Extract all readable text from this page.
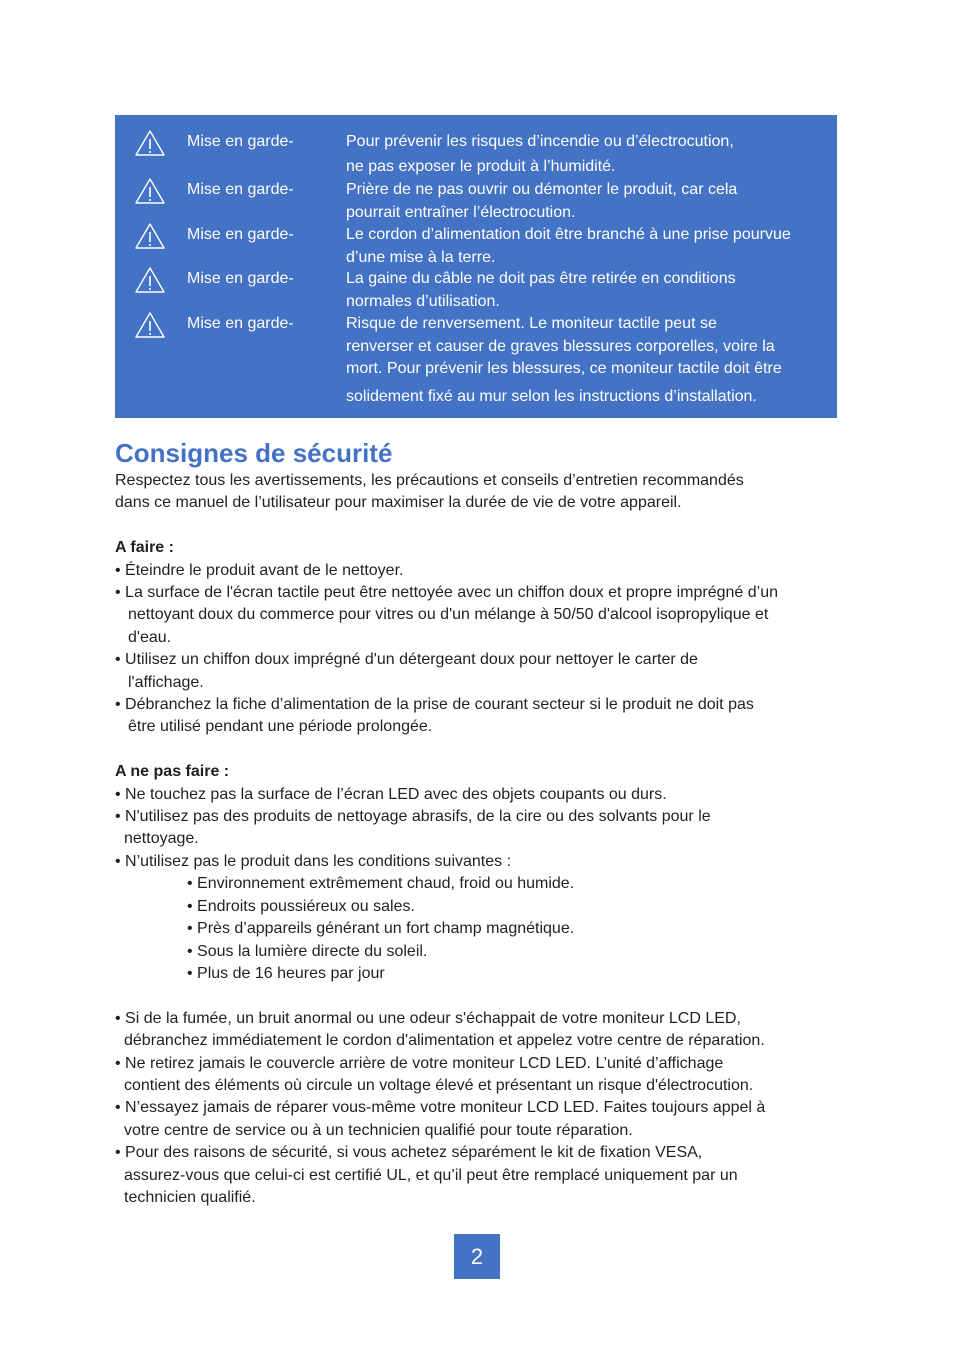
Mise en garde-	Pour prévenir les risques d’incendie ou d’électrocution,
ne pas exposer le produit à l’humidité.
Mise en garde-	Prière de ne pas ouvrir ou démonter le produit, car cela
pourrait entraîner l’électrocution.
Mise en garde-	Le cordon d’alimentation doit être branché à une prise pourvue
d’une mise à la terre.
Mise en garde-	La gaine du câble ne doit pas être retirée en conditions
normales d’utilisation.
Mise en garde-	Risque de renversement. Le moniteur tactile peut se
renverser et causer de graves blessures corporelles, voire la
mort. Pour prévenir les blessures, ce moniteur tactile doit être
solidement fixé au mur selon les instructions d’installation.
Consignes de sécurité
Respectez tous les avertissements, les précautions et conseils d’entretien recommandés
dans ce manuel de l’utilisateur pour maximiser la durée de vie de votre appareil.
A faire :
• Éteindre le produit avant de le nettoyer.
• La surface de l'écran tactile peut être nettoyée avec un chiffon doux et propre imprégné d’un
nettoyant doux du commerce pour vitres ou d'un mélange à 50/50 d'alcool isopropylique et
d'eau.
• Utilisez un chiffon doux imprégné d'un détergeant doux pour nettoyer le carter de
l'affichage.
• Débranchez la fiche d’alimentation de la prise de courant secteur si le produit ne doit pas
être utilisé pendant une période prolongée.
A ne pas faire :
• Ne touchez pas la surface de l’écran LED avec des objets coupants ou durs.
• N'utilisez pas des produits de nettoyage abrasifs, de la cire ou des solvants pour le
nettoyage.
• N’utilisez pas le produit dans les conditions suivantes :
• Environnement extrêmement chaud, froid ou humide.
• Endroits poussiéreux ou sales.
• Près d’appareils générant un fort champ magnétique.
• Sous la lumière directe du soleil.
• Plus de 16 heures par jour
• Si de la fumée, un bruit anormal ou une odeur s'échappait de votre moniteur LCD LED,
débranchez immédiatement le cordon d'alimentation et appelez votre centre de réparation.
• Ne retirez jamais le couvercle arrière de votre moniteur LCD LED. L’unité d’affichage
contient des éléments où circule un voltage élevé et présentant un risque d'électrocution.
• N’essayez jamais de réparer vous-même votre moniteur LCD LED. Faites toujours appel à
votre centre de service ou à un technicien qualifié pour toute réparation.
• Pour des raisons de sécurité, si vous achetez séparément le kit de fixation VESA,
assurez-vous que celui-ci est certifié UL, et qu’il peut être remplacé uniquement par un
technicien qualifié.
2
